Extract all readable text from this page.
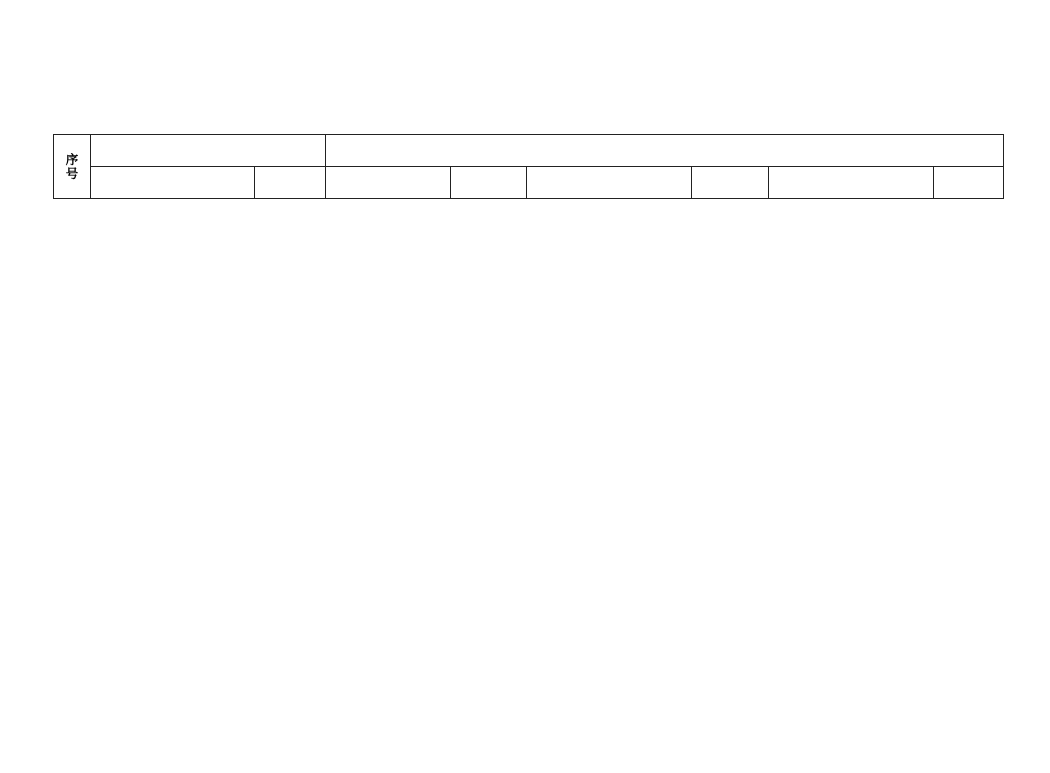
序
号								
